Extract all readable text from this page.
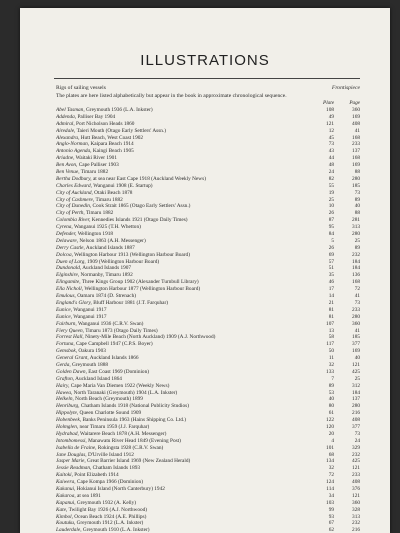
ILLUSTRATIONS
Rigs of sailing vessels	Frontispiece
The plates are here listed alphabetically but appear in the book in approximate chronological sequence.
Plate	Page
Abel Tasman, Greymouth 1936 (L.A. Inkster)	108	360
Addenda, Palliser Bay 1904	49	169
Admiral, Port Nicholson Heads 1860	121	408
Airedale, Taieri Mouth (Otago Early Settlers' Assn.)	12	41
Alexandra, Hutt Beach, West Coast 1902	45	168
Anglo-Norman, Kaipara Beach 1914	73	233
Antonio Agenda, Kaingi Beach 1905	43	137
Ariadne, Waitaki River 1901	44	168
Ben Avon, Cape Palliser 1903	48	169
Ben Venue, Timaru 1882	24	88
Bertha Dodbury, at sea near East Cape 1918 (Auckland Weekly News)	82	280
Charles Edward, Wanganui 1908 (E. Startup)	55	185
City of Auckland, Otaki Beach 1878	19	73
City of Cashmere, Timaru 1882	25	89
City of Dunedin, Cook Strait 1865 (Otago Early Settlers' Assn.)	10	40
City of Perth, Timaru 1882	26	88
Colombia River, Kennedies Islands 1921 (Otago Daily Times)	87	281
Cyrena, Wanganui 1925 (T.H. Whetton)	95	313
Defender, Wellington 1918	84	280
Delaware, Nelson 1863 (A.H. Messenger)	5	25
Derry Castle, Auckland Islands 1887	26	89
Dolcoa, Wellington Harbour 1913 (Wellington Harbour Board)	69	232
Duen of Larg, 1909 (Wellington Harbour Board)	57	184
Dundonald, Auckland Islands 1907	51	184
Elginshire, Normanby, Timaru 1892	35	136
Elingamite, Three Kings Group 1902 (Alexander Turnbull Library)	46	168
Ella Nicholl, Wellington Harbour 1877 (Wellington Harbour Board)	17	72
Emulous, Oamaru 1874 (D. Strenach)	14	41
England's Glory, Bluff Harbour 1881 (J.T. Farquhar)	21	73
Eunice, Wanganui 1917	81	233
Eunice, Wanganui 1917	81	280
Fairburn, Wanganui 1936 (C.R.V. Swan)	107	360
Fiery Queen, Timaru 1873 (Otago Daily Times)	13	41
Forrest Hall, Ninety-Mile Beach (North Auckland) 1909 (A.J. Northwood)	58	185
Fortuna, Cape Campbell 1947 (C.P.S. Boyer)	117	377
Gemsbok, Oakura 1903	50	169
General Grant, Auckland Islands 1866	11	40
Gerda, Greymouth 1888	32	121
Golden Dawn, East Coast 1969 (Dominion)	133	425
Grafton, Auckland Island 1864	7	25
Hairy, Cape Maria Van Diemen 1922 (Weekly News)	89	312
Hawea, North Taranaki (Greymouth) 1904 (L.A. Inkster)	53	184
Helkeln, North Beach (Greymouth) 1899	40	137
Henriburg, Chatham Islands 1918 (National Publicity Studios)	80	280
Hippolyte, Queen Charlotte Sound 1909	61	216
Hobenbeek, Banks Peninsula 1963 (Hains Shipping Co. Ltd.)	122	408
Holmglen, near Timaru 1959 (J.J. Farquhar)	120	377
Hydrabad, Waitarere Beach 1878 (A.H. Messenger)	20	73
Intombomessi, Manawatu River Head 1849 (Evening Post)	4	24
Isabella de Fraine, Rokingsta 1928 (C.R.V. Swan)	101	329
Jane Douglas, D'Urville Island 1912	68	232
Jasper Marie, Great Barrier Island 1969 (New Zealand Herald)	134	425
Jessie Readman, Chatham Islands 1893	32	121
Kaitoki, Point Elizabeth 1914	72	233
Kaiwera, Cape Kompa 1966 (Dominion)	124	408
Kakanui, Hokianui Island (North Canterbury) 1942	114	376
Kakaroa, at sea 1891	34	121
Kapanui, Greymouth 1932 (A. Kelly)	103	360
Kate, Twilight Bay 1926 (A.J. Northwood)	99	328
Kimbol, Ocean Beach 1924 (A.E. Phillips)	93	313
Koutuku, Greymouth 1912 (L.A. Inkster)	67	232
Lauderdale, Greymouth 1910 (L.A. Inkster)	62	216
